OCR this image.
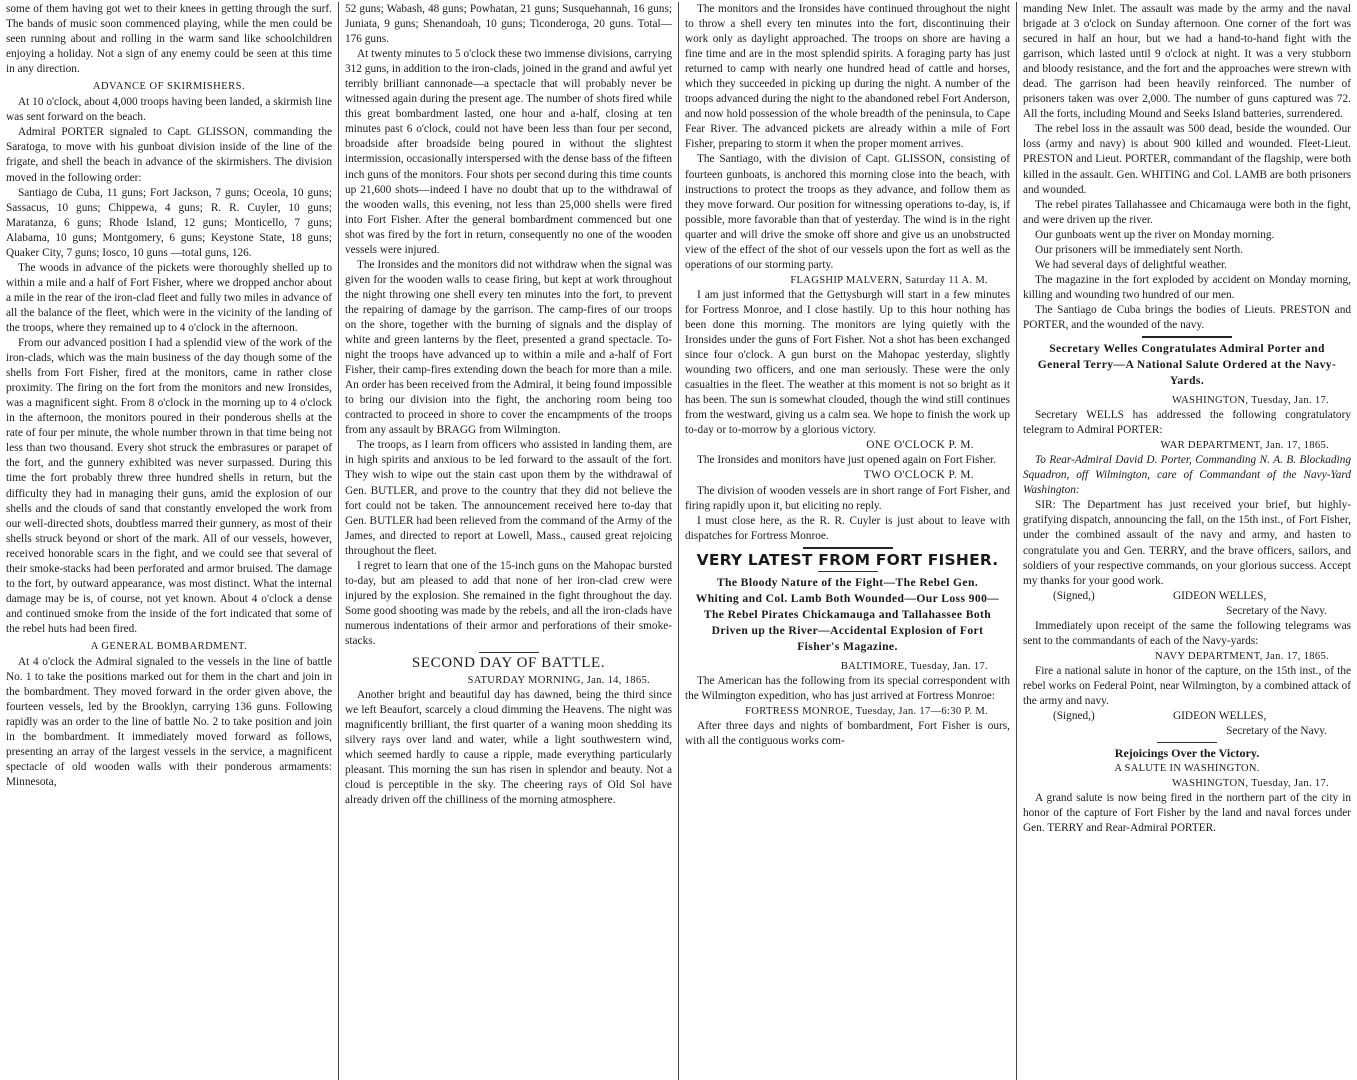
some of them having got wet to their knees in getting through the surf. The bands of music soon commenced playing, while the men could be seen running about and rolling in the warm sand like schoolchildren enjoying a holiday. Not a sign of any enemy could be seen at this time in any direction.

ADVANCE OF SKIRMISHERS.

At 10 o'clock, about 4,000 troops having been landed, a skirmish line was sent forward on the beach.

Admiral PORTER signaled to Capt. GLISSON, commanding the Saratoga, to move with his gunboat division inside of the line of the frigate, and shell the beach in advance of the skirmishers. The division moved in the following order:

Santiago de Cuba, 11 guns; Fort Jackson, 7 guns; Oceola, 10 guns; Sassacus, 10 guns; Chippewa, 4 guns; R. R. Cuyler, 10 guns; Maratanza, 6 guns; Rhode Island, 12 guns; Monticello, 7 guns; Alabama, 10 guns; Montgomery, 6 guns; Keystone State, 18 guns; Quaker City, 7 guns; Iosco, 10 guns —total guns, 126.

The woods in advance of the pickets were thoroughly shelled up to within a mile and a half of Fort Fisher, where we dropped anchor about a mile in the rear of the iron-clad fleet and fully two miles in advance of all the balance of the fleet, which were in the vicinity of the landing of the troops, where they remained up to 4 o'clock in the afternoon.

From our advanced position I had a splendid view of the work of the iron-clads, which was the main business of the day though some of the shells from Fort Fisher, fired at the monitors, came in rather close proximity. The firing on the fort from the monitors and new Ironsides, was a magnificent sight. From 8 o'clock in the morning up to 4 o'clock in the afternoon, the monitors poured in their ponderous shells at the rate of four per minute, the whole number thrown in that time being not less than two thousand. Every shot struck the embrasures or parapet of the fort, and the gunnery exhibited was never surpassed. During this time the fort probably threw three hundred shells in return, but the difficulty they had in managing their guns, amid the explosion of our shells and the clouds of sand that constantly enveloped the work from our well-directed shots, doubtless marred their gunnery, as most of their shells struck beyond or short of the mark. All of our vessels, however, received honorable scars in the fight, and we could see that several of their smoke-stacks had been perforated and armor bruised. The damage to the fort, by outward appearance, was most distinct. What the internal damage may be is, of course, not yet known. About 4 o'clock a dense and continued smoke from the inside of the fort indicated that some of the rebel huts had been fired.

A GENERAL BOMBARDMENT.

At 4 o'clock the Admiral signaled to the vessels in the line of battle No. 1 to take the positions marked out for them in the chart and join in the bombardment. They moved forward in the order given above, the fourteen vessels, led by the Brooklyn, carrying 136 guns. Following rapidly was an order to the line of battle No. 2 to take position and join in the bombardment. It immediately moved forward as follows, presenting an array of the largest vessels in the service, a magnificent spectacle of old wooden walls with their ponderous armaments: Minnesota,

52 guns; Wabash, 48 guns; Powhatan, 21 guns; Susquehannah, 16 guns; Juniata, 9 guns; Shenandoah, 10 guns; Ticonderoga, 20 guns. Total—176 guns.

At twenty minutes to 5 o'clock these two immense divisions, carrying 312 guns, in addition to the iron-clads, joined in the grand and awful yet terribly brilliant cannonade—a spectacle that will probably never be witnessed again during the present age. The number of shots fired while this great bombardment lasted, one hour and a-half, closing at ten minutes past 6 o'clock, could not have been less than four per second, broadside after broadside being poured in without the slightest intermission, occasionally interspersed with the dense bass of the fifteen inch guns of the monitors. Four shots per second during this time counts up 21,600 shots—indeed I have no doubt that up to the withdrawal of the wooden walls, this evening, not less than 25,000 shells were fired into Fort Fisher. After the general bombardment commenced but one shot was fired by the fort in return, consequently no one of the wooden vessels were injured.

The Ironsides and the monitors did not withdraw when the signal was given for the wooden walls to cease firing, but kept at work throughout the night throwing one shell every ten minutes into the fort, to prevent the repairing of damage by the garrison. The camp-fires of our troops on the shore, together with the burning of signals and the display of white and green lanterns by the fleet, presented a grand spectacle. To-night the troops have advanced up to within a mile and a-half of Fort Fisher, their camp-fires extending down the beach for more than a mile. An order has been received from the Admiral, it being found impossible to bring our division into the fight, the anchoring room being too contracted to proceed in shore to cover the encampments of the troops from any assault by BRAGG from Wilmington.

The troops, as I learn from officers who assisted in landing them, are in high spirits and anxious to be led forward to the assault of the fort. They wish to wipe out the stain cast upon them by the withdrawal of Gen. BUTLER, and prove to the country that they did not believe the fort could not be taken. The announcement received here to-day that Gen. BUTLER had been relieved from the command of the Army of the James, and directed to report at Lowell, Mass., caused great rejoicing throughout the fleet.

I regret to learn that one of the 15-inch guns on the Mahopac bursted to-day, but am pleased to add that none of her iron-clad crew were injured by the explosion. She remained in the fight throughout the day. Some good shooting was made by the rebels, and all the iron-clads have numerous indentations of their armor and perforations of their smoke-stacks.

SECOND DAY OF BATTLE.

SATURDAY MORNING, Jan. 14, 1865.

Another bright and beautiful day has dawned, being the third since we left Beaufort, scarcely a cloud dimming the Heavens. The night was magnificently brilliant, the first quarter of a waning moon shedding its silvery rays over land and water, while a light southwestern wind, which seemed hardly to cause a ripple, made everything particularly pleasant. This morning the sun has risen in splendor and beauty. Not a cloud is perceptible in the sky. The cheering rays of Old Sol have already driven off the chilliness of the morning atmosphere.

The monitors and the Ironsides have continued throughout the night to throw a shell every ten minutes into the fort, discontinuing their work only as daylight approached. The troops on shore are having a fine time and are in the most splendid spirits. A foraging party has just returned to camp with nearly one hundred head of cattle and horses, which they succeeded in picking up during the night. A number of the troops advanced during the night to the abandoned rebel Fort Anderson, and now hold possession of the whole breadth of the peninsula, to Cape Fear River. The advanced pickets are already within a mile of Fort Fisher, preparing to storm it when the proper moment arrives.

The Santiago, with the division of Capt. GLISSON, consisting of fourteen gunboats, is anchored this morning close into the beach, with instructions to protect the troops as they advance, and follow them as they move forward. Our position for witnessing operations to-day, is, if possible, more favorable than that of yesterday. The wind is in the right quarter and will drive the smoke off shore and give us an unobstructed view of the effect of the shot of our vessels upon the fort as well as the operations of our storming party.

FLAGSHIP MALVERN, Saturday 11 A. M.

I am just informed that the Gettysburgh will start in a few minutes for Fortress Monroe, and I close hastily. Up to this hour nothing has been done this morning. The monitors are lying quietly with the Ironsides under the guns of Fort Fisher. Not a shot has been exchanged since four o'clock. A gun burst on the Mahopac yesterday, slightly wounding two officers, and one man seriously. These were the only casualties in the fleet. The weather at this moment is not so bright as it has been. The sun is somewhat clouded, though the wind still continues from the westward, giving us a calm sea. We hope to finish the work up to-day or to-morrow by a glorious victory.

ONE O'CLOCK P. M.

The Ironsides and monitors have just opened again on Fort Fisher.

TWO O'CLOCK P. M.

The division of wooden vessels are in short range of Fort Fisher, and firing rapidly upon it, but eliciting no reply.

I must close here, as the R. R. Cuyler is just about to leave with dispatches for Fortress Monroe.

VERY LATEST FROM FORT FISHER.
The Bloody Nature of the Fight—The Rebel Gen. Whiting and Col. Lamb Both Wounded—Our Loss 900—The Rebel Pirates Chickamauga and Tallahassee Both Driven up the River—Accidental Explosion of Fort Fisher's Magazine.

BALTIMORE, Tuesday, Jan. 17.

The American has the following from its special correspondent with the Wilmington expedition, who has just arrived at Fortress Monroe:

FORTRESS MONROE, Tuesday, Jan. 17—6:30 P. M.

After three days and nights of bombardment, Fort Fisher is ours, with all the contiguous works com-

manding New Inlet. The assault was made by the army and the naval brigade at 3 o'clock on Sunday afternoon. One corner of the fort was secured in half an hour, but we had a hand-to-hand fight with the garrison, which lasted until 9 o'clock at night. It was a very stubborn and bloody resistance, and the fort and the approaches were strewn with dead. The garrison had been heavily reinforced. The number of prisoners taken was over 2,000. The number of guns captured was 72. All the forts, including Mound and Seeks Island batteries, surrendered.

The rebel loss in the assault was 500 dead, beside the wounded. Our loss (army and navy) is about 900 killed and wounded. Fleet-Lieut. PRESTON and Lieut. PORTER, commandant of the flagship, were both killed in the assault. Gen. WHITING and Col. LAMB are both prisoners and wounded.

The rebel pirates Tallahassee and Chicamauga were both in the fight, and were driven up the river.

Our gunboats went up the river on Monday morning.

Our prisoners will be immediately sent North.

We had several days of delightful weather.

The magazine in the fort exploded by accident on Monday morning, killing and wounding two hundred of our men.

The Santiago de Cuba brings the bodies of Lieuts. PRESTON and PORTER, and the wounded of the navy.

Secretary Welles Congratulates Admiral Porter and General Terry—A National Salute Ordered at the Navy-Yards.

WASHINGTON, Tuesday, Jan. 17.

Secretary WELLS has addressed the following congratulatory telegram to Admiral PORTER:

WAR DEPARTMENT, Jan. 17, 1865.

To Rear-Admiral David D. Porter, Commanding N. A. B. Blockading Squadron, off Wilmington, care of Commandant of the Navy-Yard Washington:

SIR: The Department has just received your brief, but highly-gratifying dispatch, announcing the fall, on the 15th inst., of Fort Fisher, under the combined assault of the navy and army, and hasten to congratulate you and Gen. TERRY, and the brave officers, sailors, and soldiers of your respective commands, on your glorious success. Accept my thanks for your good work.

(Signed,)	GIDEON WELLES,

Secretary of the Navy.

Immediately upon receipt of the same the following telegrams was sent to the commandants of each of the Navy-yards:

NAVY DEPARTMENT, Jan. 17, 1865.

Fire a national salute in honor of the capture, on the 15th inst., of the rebel works on Federal Point, near Wilmington, by a combined attack of the army and navy.

(Signed,)	GIDEON WELLES,

Secretary of the Navy.

Rejoicings Over the Victory.

A SALUTE IN WASHINGTON.

WASHINGTON, Tuesday, Jan. 17.

A grand salute is now being fired in the northern part of the city in honor of the capture of Fort Fisher by the land and naval forces under Gen. TERRY and Rear-Admiral PORTER.
